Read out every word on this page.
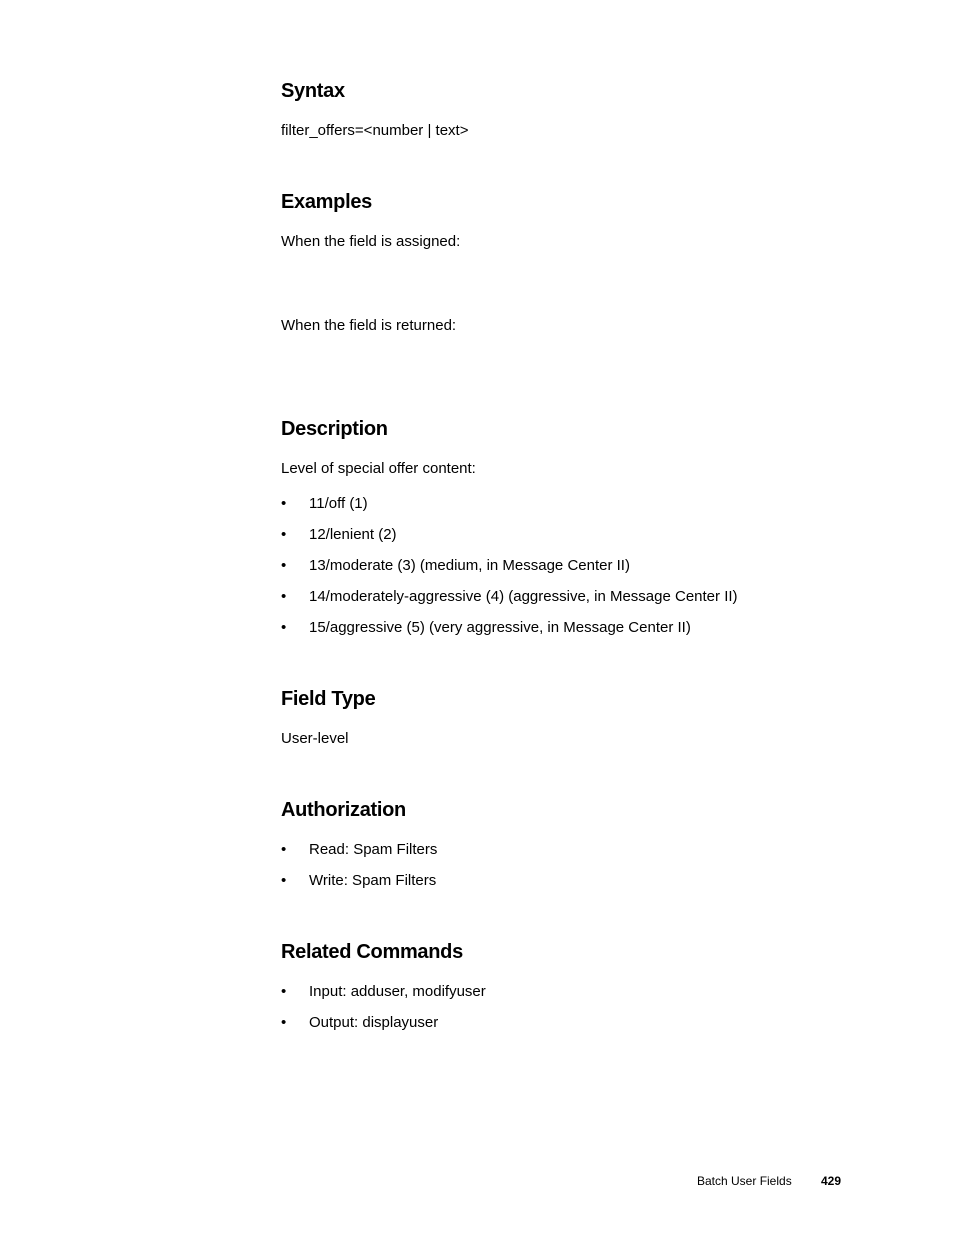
Syntax

filter_offers=<number | text>

Examples

When the field is assigned:

When the field is returned:

Description

Level of special offer content:

• 11/off (1)
• 12/lenient (2)
• 13/moderate (3) (medium, in Message Center II)
• 14/moderately-aggressive (4) (aggressive, in Message Center II)
• 15/aggressive (5) (very aggressive, in Message Center II)
Field Type

User-level

Authorization
• Read: Spam Filters
• Write: Spam Filters
Related Commands
• Input: adduser, modifyuser
• Output: displayuser
Batch User Fields 429
